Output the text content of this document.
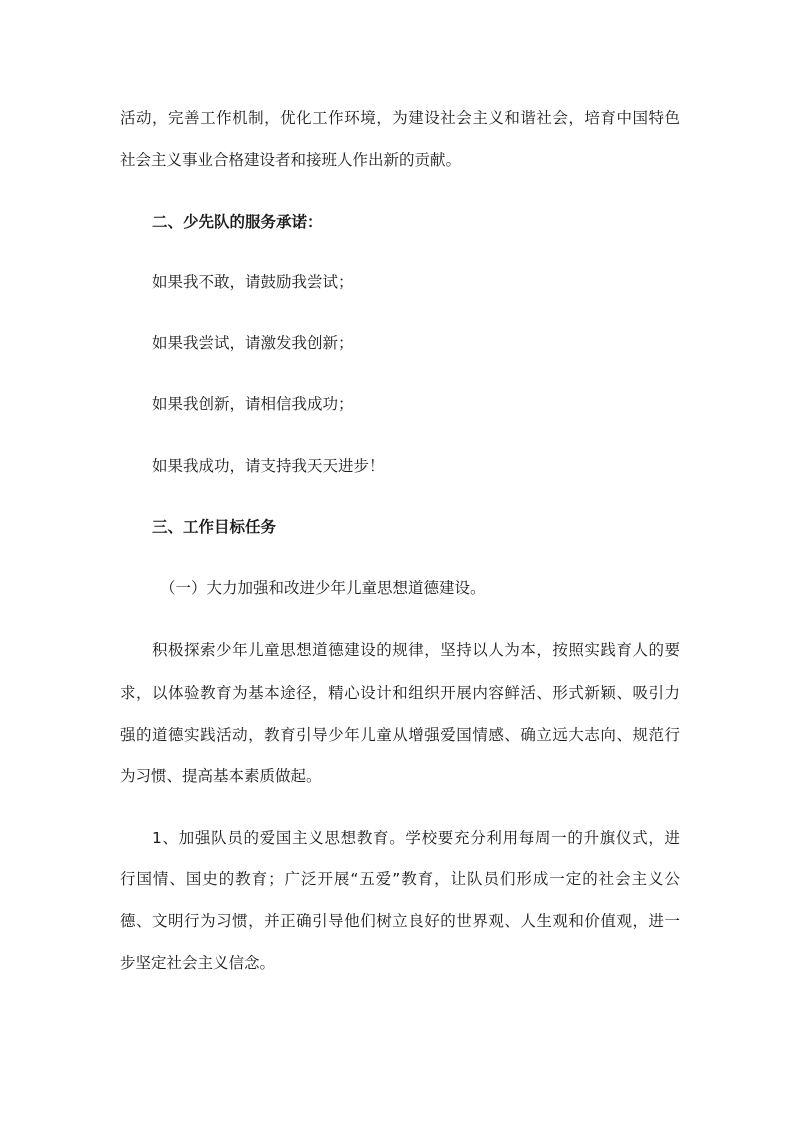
活动，完善工作机制，优化工作环境，为建设社会主义和谐社会，培育中国特色
社会主义事业合格建设者和接班人作出新的贡献。
二、少先队的服务承诺：
如果我不敢，请鼓励我尝试；
如果我尝试，请激发我创新；
如果我创新，请相信我成功；
如果我成功，请支持我天天进步！
三、工作目标任务
（一）大力加强和改进少年儿童思想道德建设。
积极探索少年儿童思想道德建设的规律，坚持以人为本，按照实践育人的要
求，以体验教育为基本途径，精心设计和组织开展内容鲜活、形式新颖、吸引力
强的道德实践活动，教育引导少年儿童从增强爱国情感、确立远大志向、规范行
为习惯、提高基本素质做起。
1、加强队员的爱国主义思想教育。学校要充分利用每周一的升旗仪式，进
行国情、国史的教育；广泛开展“五爱”教育，让队员们形成一定的社会主义公
德、文明行为习惯，并正确引导他们树立良好的世界观、人生观和价值观，进一
步坚定社会主义信念。
